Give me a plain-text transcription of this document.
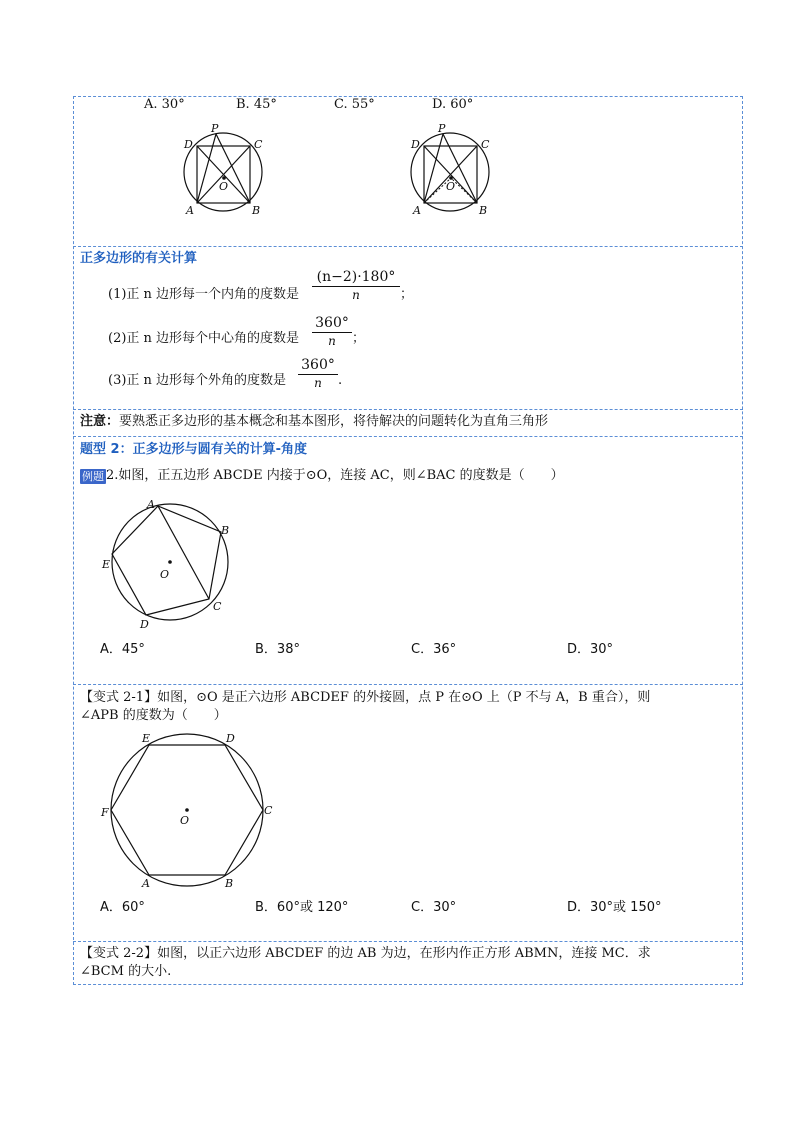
A. 30°	B. 45°	C. 55°	D. 60°
P
D	C
O
A	B
P
D	C
O
A	B
正多边形的有关计算
(1)正 n 边形每一个内角的度数是
(n−2)·180°
n	；
(2)正 n 边形每个中心角的度数是
360°
n	；
(3)正 n 边形每个外角的度数是
360°
n	.
注意：要熟悉正多边形的基本概念和基本图形，将待解决的问题转化为直角三角形
题型 2：正多边形与圆有关的计算-角度
例题 2.如图，正五边形 ABCDE 内接于⊙O，连接 AC，则∠BAC 的度数是（　　）
A
B
C
D
E
O
A．45°	B．38°	C．36°	D．30°
【变式 2-1】如图，⊙O 是正六边形 ABCDEF 的外接圆，点 P 在⊙O 上（P 不与 A，B 重合），则
∠APB 的度数为（　　）
E	D
C
F
O
A	B
A．60°	B．60°或 120°	C．30°	D．30°或 150°
【变式 2-2】如图，以正六边形 ABCDEF 的边 AB 为边，在形内作正方形 ABMN，连接 MC．求
∠BCM 的大小.
